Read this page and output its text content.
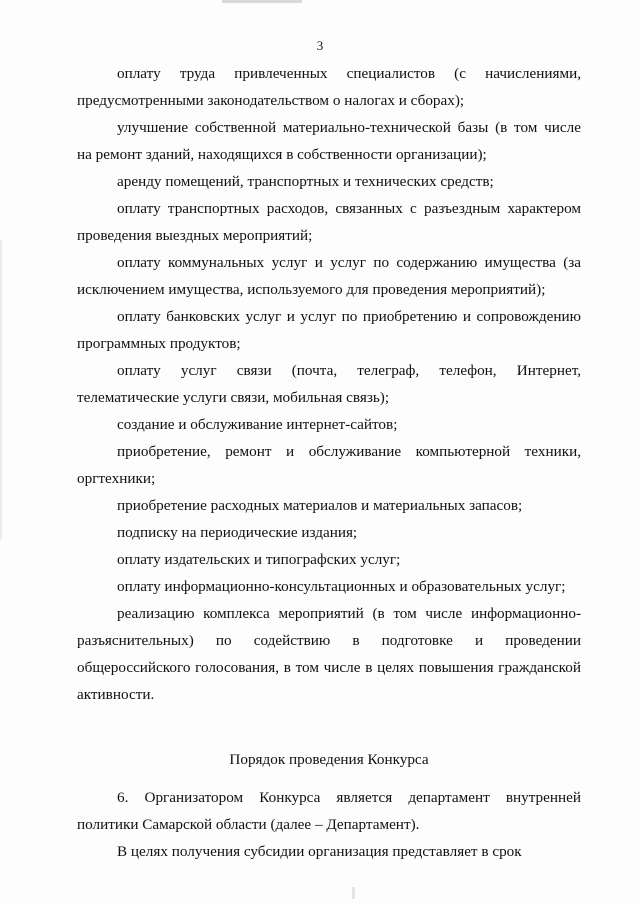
3

оплату труда привлеченных специалистов (с начислениями, предусмотренными законодательством о налогах и сборах);

улучшение собственной материально-технической базы (в том числе на ремонт зданий, находящихся в собственности организации);

аренду помещений, транспортных и технических средств;

оплату транспортных расходов, связанных с разъездным характером проведения выездных мероприятий;

оплату коммунальных услуг и услуг по содержанию имущества (за исключением имущества, используемого для проведения мероприятий);

оплату банковских услуг и услуг по приобретению и сопровождению программных продуктов;

оплату услуг связи (почта, телеграф, телефон, Интернет, телематические услуги связи, мобильная связь);

создание и обслуживание интернет-сайтов;

приобретение, ремонт и обслуживание компьютерной техники, оргтехники;

приобретение расходных материалов и материальных запасов;

подписку на периодические издания;

оплату издательских и типографских услуг;

оплату информационно-консультационных и образовательных услуг;

реализацию комплекса мероприятий (в том числе информационно-разъяснительных) по содействию в подготовке и проведении общероссийского голосования, в том числе в целях повышения гражданской активности.

Порядок проведения Конкурса

6. Организатором Конкурса является департамент внутренней политики Самарской области (далее – Департамент).

В целях получения субсидии организация представляет в срок
